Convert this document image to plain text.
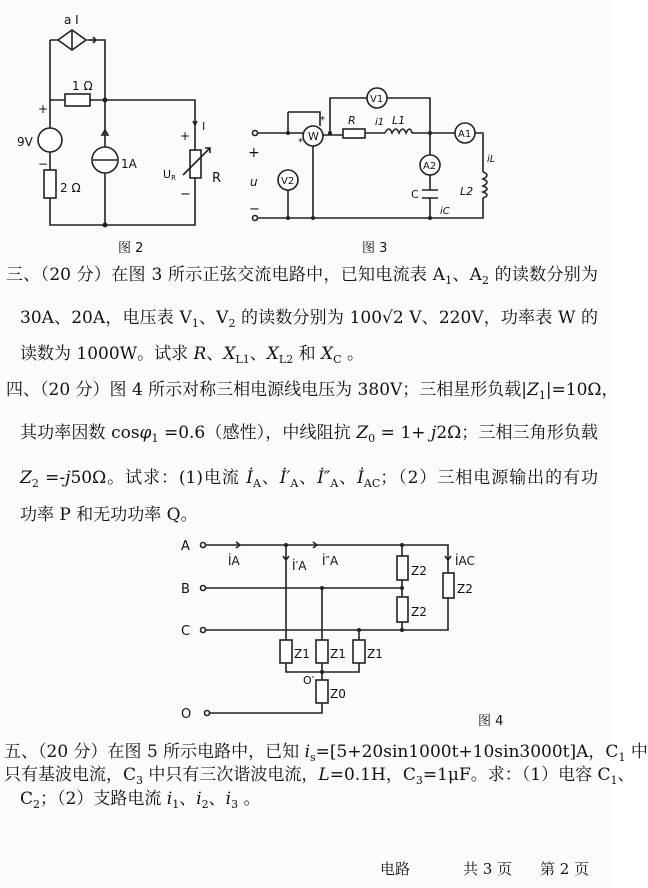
a I
1 Ω
+
9V
−
2 Ω
1A
I
+
UR
−
R
W
V2
V1
A1
A2
R i1 L1
iL
L2
C
iC
*
*
+
u
−
A
B
C
O
İA	İ′A İ″A	İAC
Z2
Z2
Z2
Z1 Z1 Z1
O′
Z0
图 2	图 3
图 4
三、（20 分）在图 3 所示正弦交流电路中，已知电流表 $A_1$、$A_2$ 的读数分别为
30A、20A，电压表 $V_1$、$V_2$ 的读数分别为 100√2 V、220V，功率表 W 的
读数为 1000W。试求 R、$X_{L1}$、$X_{L2}$ 和 $X_C$ 。
四、（20 分）图 4 所示对称三相电源线电压为 380V；三相星形负载$|Z_1|=10\Omega$，
其功率因数 cosφ$_1$ =0.6（感性），中线阻抗 $Z_0 = 1+ j2\Omega$；三相三角形负载
$Z_2 =-j50\Omega$。试求：(1)电流 $İ_A$、$İ'_A$、$İ''_A$、$İ_{AC}$；（2）三相电源输出的有功
功率 P 和无功功率 Q。
五、（20 分）在图 5 所示电路中，已知 $i_s=[5+20\sin 1000t+10\sin 3000t]A$，$C_1$ 中
只有基波电流，$C_3$ 中只有三次谐波电流，L=0.1H，$C_3=1\mu F$。求：（1）电容 $C_1$、
$C_2$；（2）支路电流 $i_1$、$i_2$、$i_3$ 。
电路	共 3 页 第 2 页
